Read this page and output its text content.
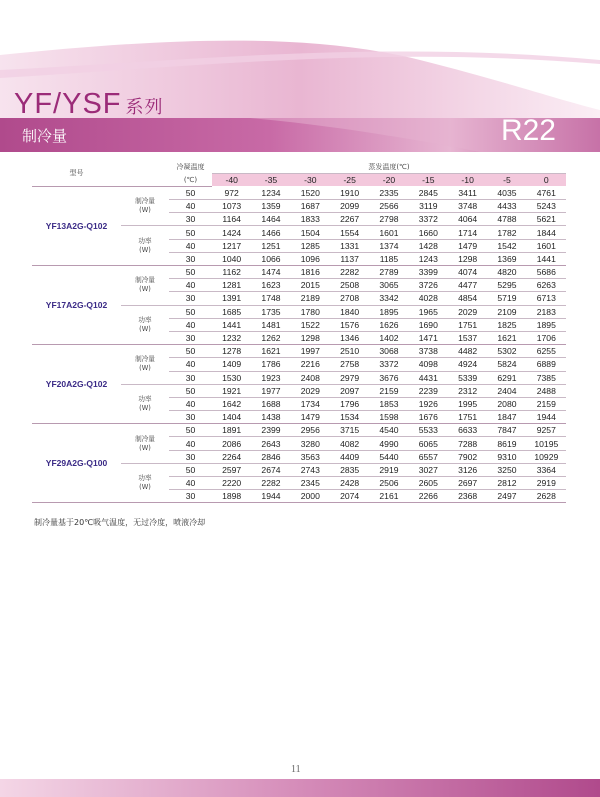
YF/YSF 系列
制冷量	R22
型号		冷凝温度	蒸发温度(℃)								
		(℃)	-40	-35	-30	-25	-20	-15	-10	-5	0
YF13A2G-Q102	制冷量
(W)	50	972	1234	1520	1910	2335	2845	3411	4035	4761
		40	1073	1359	1687	2099	2566	3119	3748	4433	5243
		30	1164	1464	1833	2267	2798	3372	4064	4788	5621

	功率
(W)	50	1424	1466	1504	1554	1601	1660	1714	1782	1844
		40	1217	1251	1285	1331	1374	1428	1479	1542	1601
		30	1040	1066	1096	1137	1185	1243	1298	1369	1441
YF17A2G-Q102	制冷量
(W)	50	1162	1474	1816	2282	2789	3399	4074	4820	5686
		40	1281	1623	2015	2508	3065	3726	4477	5295	6263
		30	1391	1748	2189	2708	3342	4028	4854	5719	6713

	功率
(W)	50	1685	1735	1780	1840	1895	1965	2029	2109	2183
		40	1441	1481	1522	1576	1626	1690	1751	1825	1895
		30	1232	1262	1298	1346	1402	1471	1537	1621	1706
YF20A2G-Q102	制冷量
(W)	50	1278	1621	1997	2510	3068	3738	4482	5302	6255
		40	1409	1786	2216	2758	3372	4098	4924	5824	6889
		30	1530	1923	2408	2979	3676	4431	5339	6291	7385

	功率
(W)	50	1921	1977	2029	2097	2159	2239	2312	2404	2488
		40	1642	1688	1734	1796	1853	1926	1995	2080	2159
		30	1404	1438	1479	1534	1598	1676	1751	1847	1944
YF29A2G-Q100	制冷量
(W)	50	1891	2399	2956	3715	4540	5533	6633	7847	9257
		40	2086	2643	3280	4082	4990	6065	7288	8619	10195
		30	2264	2846	3563	4409	5440	6557	7902	9310	10929

	功率
(W)	50	2597	2674	2743	2835	2919	3027	3126	3250	3364
		40	2220	2282	2345	2428	2506	2605	2697	2812	2919
		30	1898	1944	2000	2074	2161	2266	2368	2497	2628
制冷量基于20℃吸气温度，无过冷度，喷液冷却
11
